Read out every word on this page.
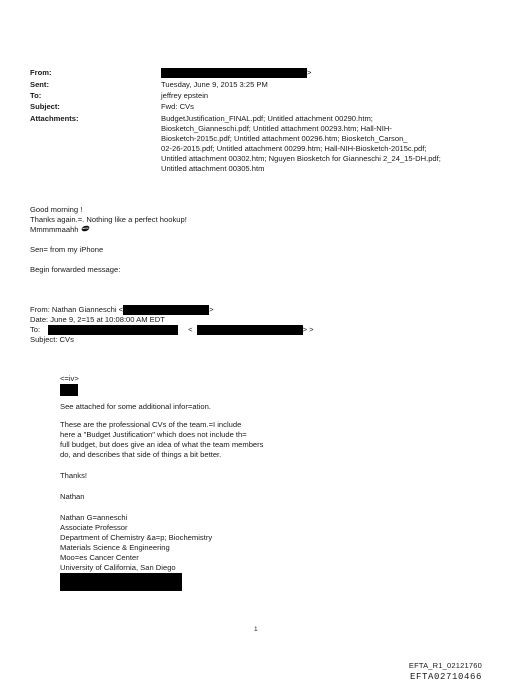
From:	>
Sent:	Tuesday, June 9, 2015 3:25 PM
To:	jeffrey epstein
Subject:	Fwd: CVs
Attachments:	BudgetJustification_FINAL.pdf; Untitled attachment 00290.htm;
Biosketch_Gianneschi.pdf; Untitled attachment 00293.htm; Hall-NIH-
Biosketch-2015c.pdf; Untitled attachment 00296.htm; Biosketch_Carson_
02-26-2015.pdf; Untitled attachment 00299.htm; Hall-NIH-Biosketch-2015c.pdf;
Untitled attachment 00302.htm; Nguyen Biosketch for Gianneschi 2_24_15-DH.pdf;
Untitled attachment 00305.htm
Good morning !
Thanks again.=. Nothing like a perfect hookup!
Mmmmmaahh
Sen= from my iPhone
Begin forwarded message:
From: Nathan Gianneschi <	>
Date: June 9, 2=15 at 10:08:00 AM EDT
To:	<	> >
Subject: CVs
<=iv>
See attached for some additional infor=ation.
These are the professional CVs of the team.=I include
here a "Budget Justification" which does not include th=
full budget, but does give an idea of what the team members
do, and describes that side of things a bit better.
Thanks!
Nathan
Nathan G=anneschi
Associate Professor
Department of Chemistry &a=p; Biochemistry
Materials Science & Engineering
Moo=es Cancer Center
University of California, San Diego
1
EFTA_R1_02121760
EFTA02710466
